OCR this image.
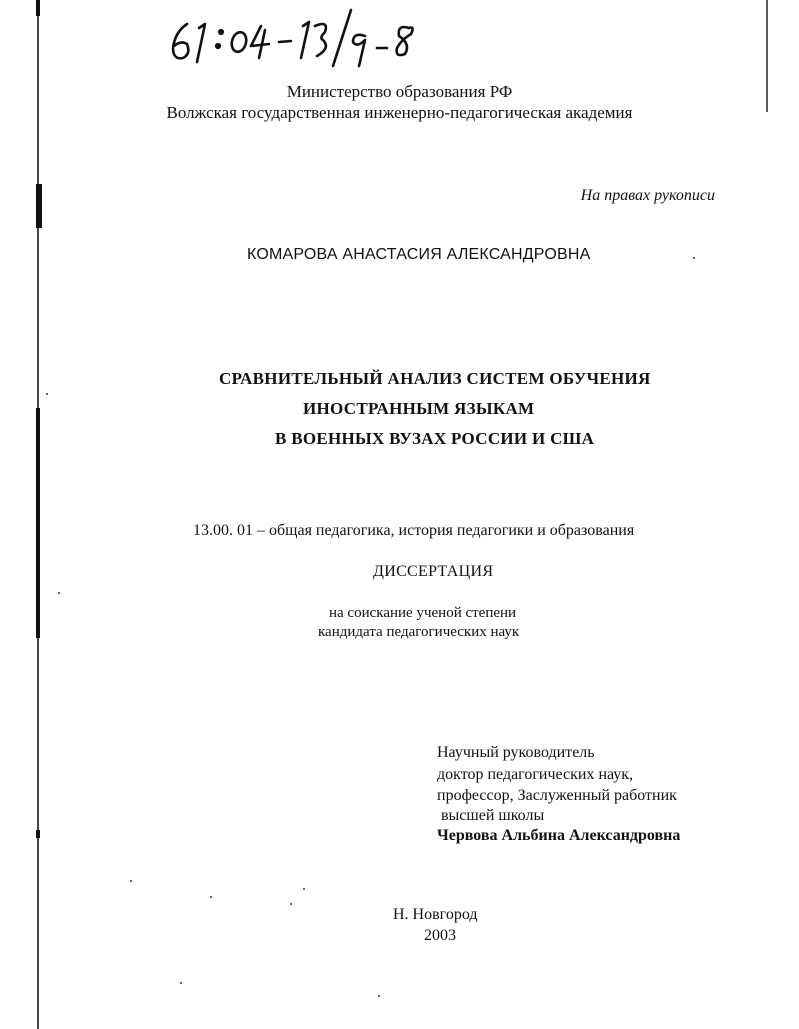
Министерство образования РФ
Волжская государственная инженерно-педагогическая академия
На правах рукописи
КОМАРОВА АНАСТАСИЯ АЛЕКСАНДРОВНА
СРАВНИТЕЛЬНЫЙ АНАЛИЗ СИСТЕМ ОБУЧЕНИЯ
ИНОСТРАННЫМ ЯЗЫКАМ
В ВОЕННЫХ ВУЗАХ РОССИИ И США
13.00. 01 – общая педагогика, история педагогики и образования
ДИССЕРТАЦИЯ
на соискание ученой степени
кандидата педагогических наук
Научный руководитель
доктор педагогических наук,
профессор, Заслуженный работник
высшей школы
Червова Альбина Александровна
Н. Новгород
2003
